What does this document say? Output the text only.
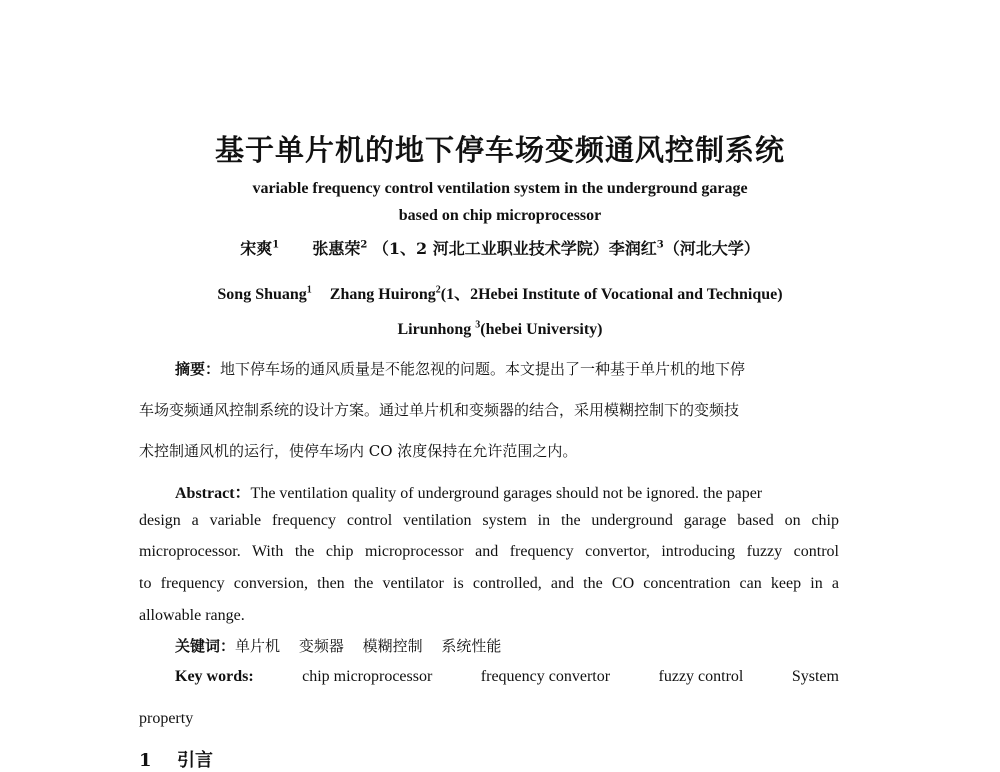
基于单片机的地下停车场变频通风控制系统
variable frequency control ventilation system in the underground garage
based on chip microprocessor
宋爽$^1$ 张惠荣$^2$ （1、2 河北工业职业技术学院）李润红$^3$（河北大学）
Song Shuang$^1$ Zhang Huirong$^2$(1、2Hebei Institute of Vocational and Technique)
Lirunhong $^3$(hebei University)
摘要：地下停车场的通风质量是不能忽视的问题。本文提出了一种基于单片机的地下停
车场变频通风控制系统的设计方案。通过单片机和变频器的结合，采用模糊控制下的变频技
术控制通风机的运行，使停车场内 CO 浓度保持在允许范围之内。
Abstract：The ventilation quality of underground garages should not be ignored. the paper
design a variable frequency control ventilation system in the underground garage based on chip
microprocessor. With the chip microprocessor and frequency convertor, introducing fuzzy control
to frequency conversion, then the ventilator is controlled, and the CO concentration can keep in a
allowable range.
关键词：单片机 变频器 模糊控制 系统性能
Key words:	chip microprocessor	frequency convertor	fuzzy control	System
property
1 引言
